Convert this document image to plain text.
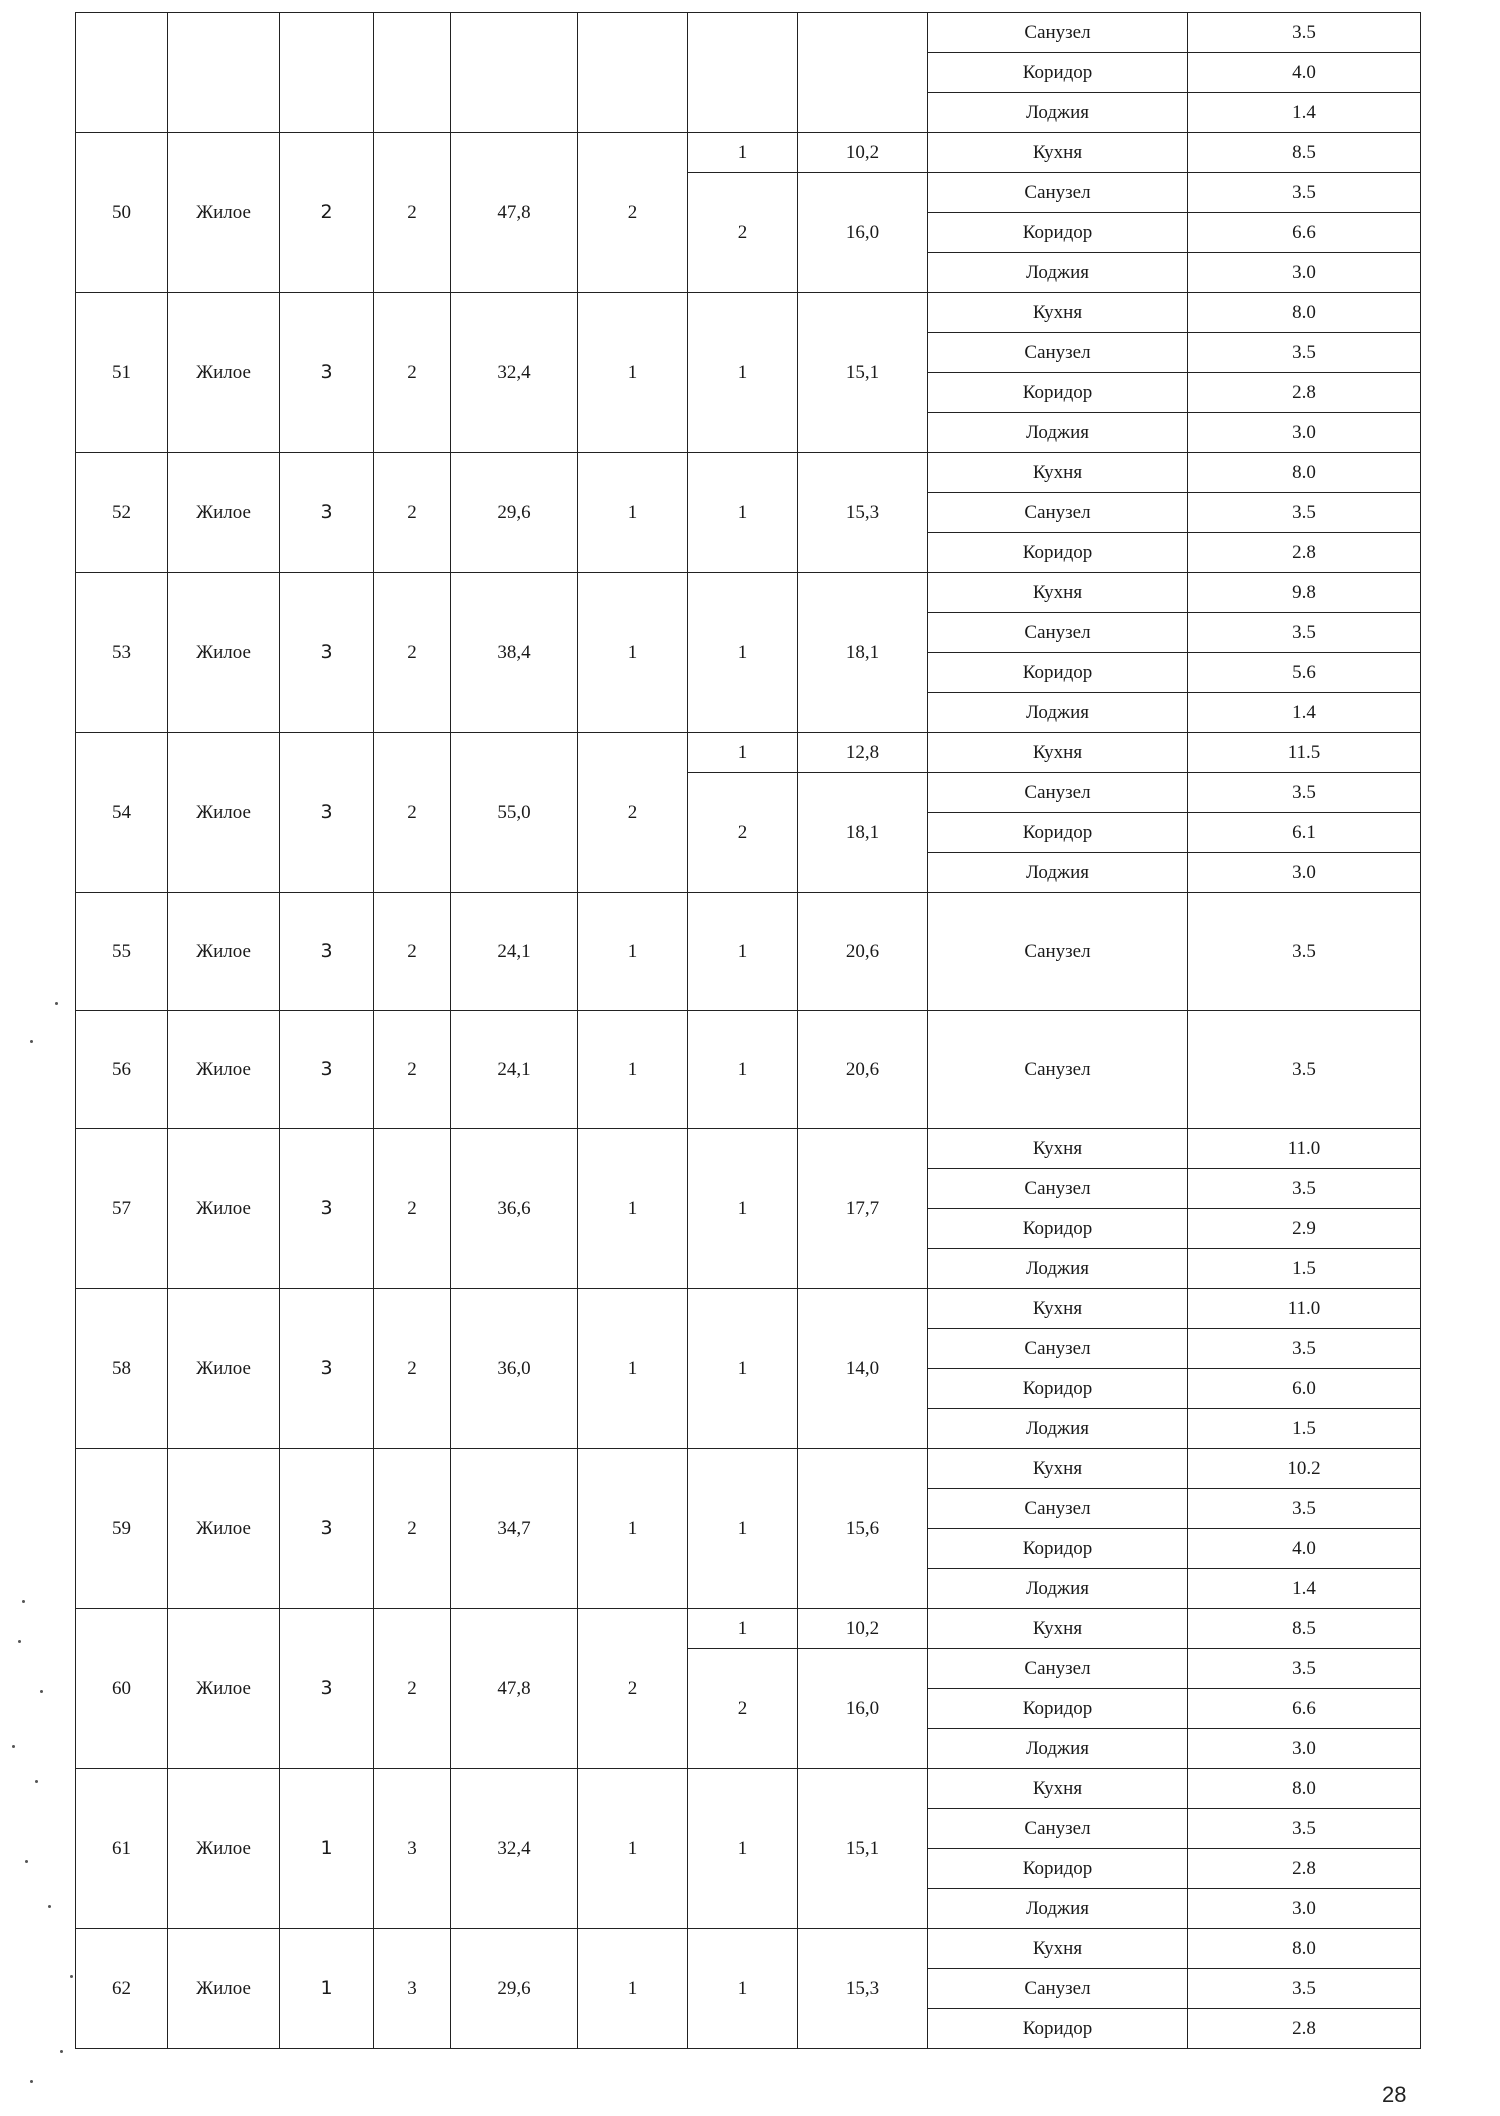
								Санузел	3.5
								Коридор	4.0
								Лоджия	1.4
50	Жилое	2	2	47,8	2	1	10,2	Кухня	8.5
						2	16,0	Санузел	3.5
								Коридор	6.6
								Лоджия	3.0
51	Жилое	3	2	32,4	1	1	15,1	Кухня	8.0
								Санузел	3.5
								Коридор	2.8
								Лоджия	3.0
52	Жилое	3	2	29,6	1	1	15,3	Кухня	8.0
								Санузел	3.5
								Коридор	2.8
53	Жилое	3	2	38,4	1	1	18,1	Кухня	9.8
								Санузел	3.5
								Коридор	5.6
								Лоджия	1.4
54	Жилое	3	2	55,0	2	1	12,8	Кухня	11.5
						2	18,1	Санузел	3.5
								Коридор	6.1
								Лоджия	3.0
55	Жилое	3	2	24,1	1	1	20,6	Санузел	3.5
56	Жилое	3	2	24,1	1	1	20,6	Санузел	3.5
57	Жилое	3	2	36,6	1	1	17,7	Кухня	11.0
								Санузел	3.5
								Коридор	2.9
								Лоджия	1.5
58	Жилое	3	2	36,0	1	1	14,0	Кухня	11.0
								Санузел	3.5
								Коридор	6.0
								Лоджия	1.5
59	Жилое	3	2	34,7	1	1	15,6	Кухня	10.2
								Санузел	3.5
								Коридор	4.0
								Лоджия	1.4
60	Жилое	3	2	47,8	2	1	10,2	Кухня	8.5
						2	16,0	Санузел	3.5
								Коридор	6.6
								Лоджия	3.0
61	Жилое	1	3	32,4	1	1	15,1	Кухня	8.0
								Санузел	3.5
								Коридор	2.8
								Лоджия	3.0
62	Жилое	1	3	29,6	1	1	15,3	Кухня	8.0
								Санузел	3.5
								Коридор	2.8
28
